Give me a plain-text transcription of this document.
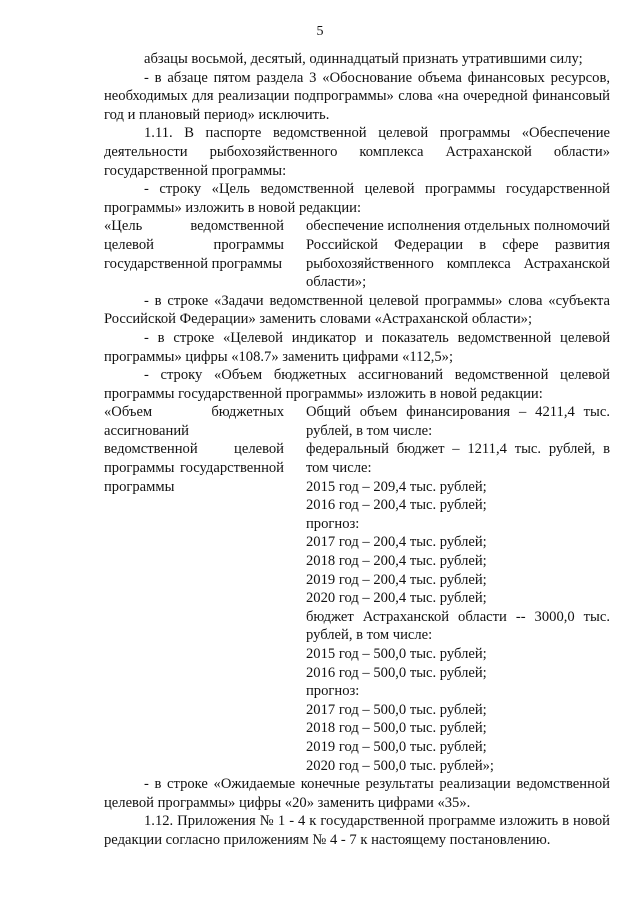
5

абзацы восьмой, десятый, одиннадцатый признать утратившими силу;

- в абзаце пятом раздела 3 «Обоснование объема финансовых ресурсов, необходимых для реализации подпрограммы» слова «на очередной финансовый год и плановый период» исключить.

1.11. В паспорте ведомственной целевой программы «Обеспечение деятельности рыбохозяйственного комплекса Астраханской области» государственной программы:

- строку «Цель ведомственной целевой программы государственной программы» изложить в новой редакции:

«Цель ведомственной целевой программы государственной программы
обеспечение исполнения отдельных полномочий Российской Федерации в сфере развития рыбохозяйственного комплекса Астраханской области»;

- в строке «Задачи ведомственной целевой программы» слова «субъекта Российской Федерации» заменить словами «Астраханской области»;

- в строке «Целевой индикатор и показатель ведомственной целевой программы» цифры «108.7» заменить цифрами «112,5»;

- строку «Объем бюджетных ассигнований ведомственной целевой программы государственной программы» изложить в новой редакции:

«Объем бюджетных ассигнований ведомственной целевой программы государственной программы
Общий объем финансирования – 4211,4 тыс. рублей, в том числе:
федеральный бюджет – 1211,4 тыс. рублей, в том числе:
2015 год – 209,4 тыс. рублей;
2016 год – 200,4 тыс. рублей;
прогноз:
2017 год – 200,4 тыс. рублей;
2018 год – 200,4 тыс. рублей;
2019 год – 200,4 тыс. рублей;
2020 год – 200,4 тыс. рублей;
бюджет Астраханской области -- 3000,0 тыс. рублей, в том числе:
2015 год – 500,0 тыс. рублей;
2016 год – 500,0 тыс. рублей;
прогноз:
2017 год – 500,0 тыс. рублей;
2018 год – 500,0 тыс. рублей;
2019 год – 500,0 тыс. рублей;
2020 год – 500,0 тыс. рублей»;

- в строке «Ожидаемые конечные результаты реализации ведомственной целевой программы» цифры «20» заменить цифрами «35».

1.12. Приложения № 1 - 4 к государственной программе изложить в новой редакции согласно приложениям № 4 - 7 к настоящему постановлению.
